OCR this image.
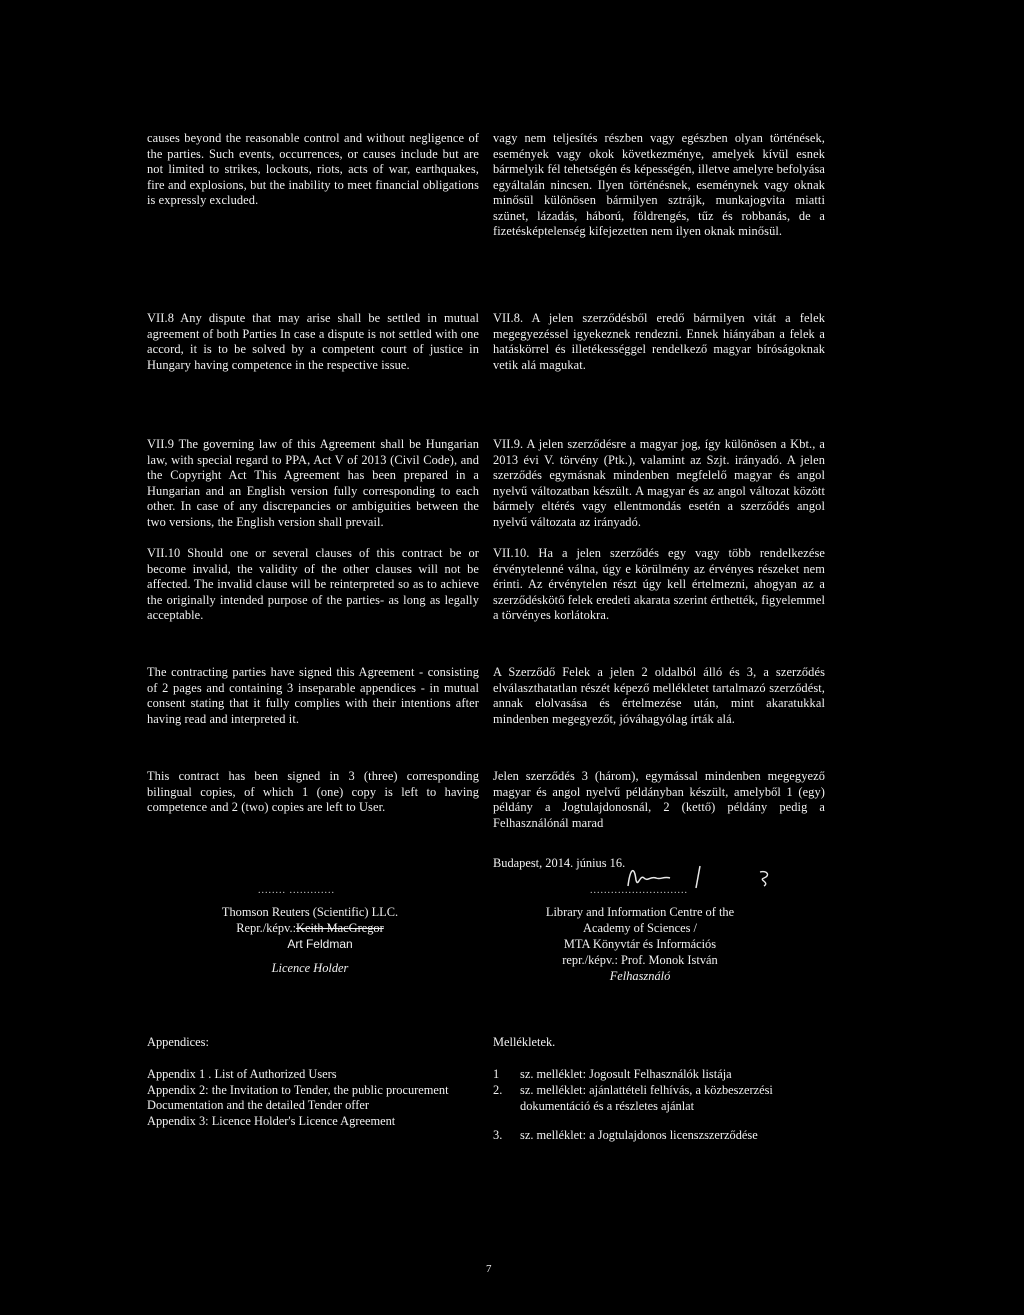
causes beyond the reasonable control and without negligence of the parties. Such events, occurrences, or causes include but are not limited to strikes, lockouts, riots, acts of war, earthquakes, fire and explosions, but the inability to meet financial obligations is expressly excluded.

VII.8 Any dispute that may arise shall be settled in mutual agreement of both Parties In case a dispute is not settled with one accord, it is to be solved by a competent court of justice in Hungary having competence in the respective issue.

VII.9 The governing law of this Agreement shall be Hungarian law, with special regard to PPA, Act V of 2013 (Civil Code), and the Copyright Act This Agreement has been prepared in a Hungarian and an English version fully corresponding to each other. In case of any discrepancies or ambiguities between the two versions, the English version shall prevail.

VII.10 Should one or several clauses of this contract be or become invalid, the validity of the other clauses will not be affected. The invalid clause will be reinterpreted so as to achieve the originally intended purpose of the parties- as long as legally acceptable.

The contracting parties have signed this Agreement - consisting of 2 pages and containing 3 inseparable appendices - in mutual consent stating that it fully complies with their intentions after having read and interpreted it.

This contract has been signed in 3 (three) corresponding bilingual copies, of which 1 (one) copy is left to having competence and 2 (two) copies are left to User.

vagy nem teljesítés részben vagy egészben olyan történések, események vagy okok következménye, amelyek kívül esnek bármelyik fél tehetségén és képességén, illetve amelyre befolyása egyáltalán nincsen. Ilyen történésnek, eseménynek vagy oknak minősül különösen bármilyen sztrájk, munkajogvita miatti szünet, lázadás, háború, földrengés, tűz és robbanás, de a fizetésképtelenség kifejezetten nem ilyen oknak minősül.

VII.8. A jelen szerződésből eredő bármilyen vitát a felek megegyezéssel igyekeznek rendezni. Ennek hiányában a felek a hatáskörrel és illetékességgel rendelkező magyar bíróságoknak vetik alá magukat.

VII.9. A jelen szerződésre a magyar jog, így különösen a Kbt., a 2013 évi V. törvény (Ptk.), valamint az Szjt. irányadó. A jelen szerződés egymásnak mindenben megfelelő magyar és angol nyelvű változatban készült. A magyar és az angol változat között bármely eltérés vagy ellentmondás esetén a szerződés angol nyelvű változata az irányadó.

VII.10. Ha a jelen szerződés egy vagy több rendelkezése érvénytelenné válna, úgy e körülmény az érvényes részeket nem érinti. Az érvénytelen részt úgy kell értelmezni, ahogyan az a szerződéskötő felek eredeti akarata szerint érthették, figyelemmel a törvényes korlátokra.

A Szerződő Felek a jelen 2 oldalból álló és 3, a szerződés elválaszthatatlan részét képező mellékletet tartalmazó szerződést, annak elolvasása és értelmezése után, mint akaratukkal mindenben megegyezőt, jóváhagyólag írták alá.

Jelen szerződés 3 (három), egymással mindenben megegyező magyar és angol nyelvű példányban készült, amelyből 1 (egy) példány a Jogtulajdonosnál, 2 (kettő) példány pedig a Felhasználónál marad

Budapest, 2014. június 16.
........ .............
Thomson Reuters (Scientific) LLC.
Repr./képv.:Keith MacGregor
Art Feldman
Licence Holder
............................
Library and Information Centre of the
Academy of Sciences /
MTA Könyvtár és Információs
repr./képv.: Prof. Monok István
Felhasználó
Appendices:	Mellékletek.
Appendix 1 . List of Authorized Users
Appendix 2: the Invitation to Tender, the public procurement Documentation and the detailed Tender offer
Appendix 3: Licence Holder's Licence Agreement
1 sz. melléklet: Jogosult Felhasználók listája
2. sz. melléklet: ajánlattételi felhívás, a közbeszerzési dokumentáció és a részletes ajánlat
3. sz. melléklet: a Jogtulajdonos licenszszerződése
7
